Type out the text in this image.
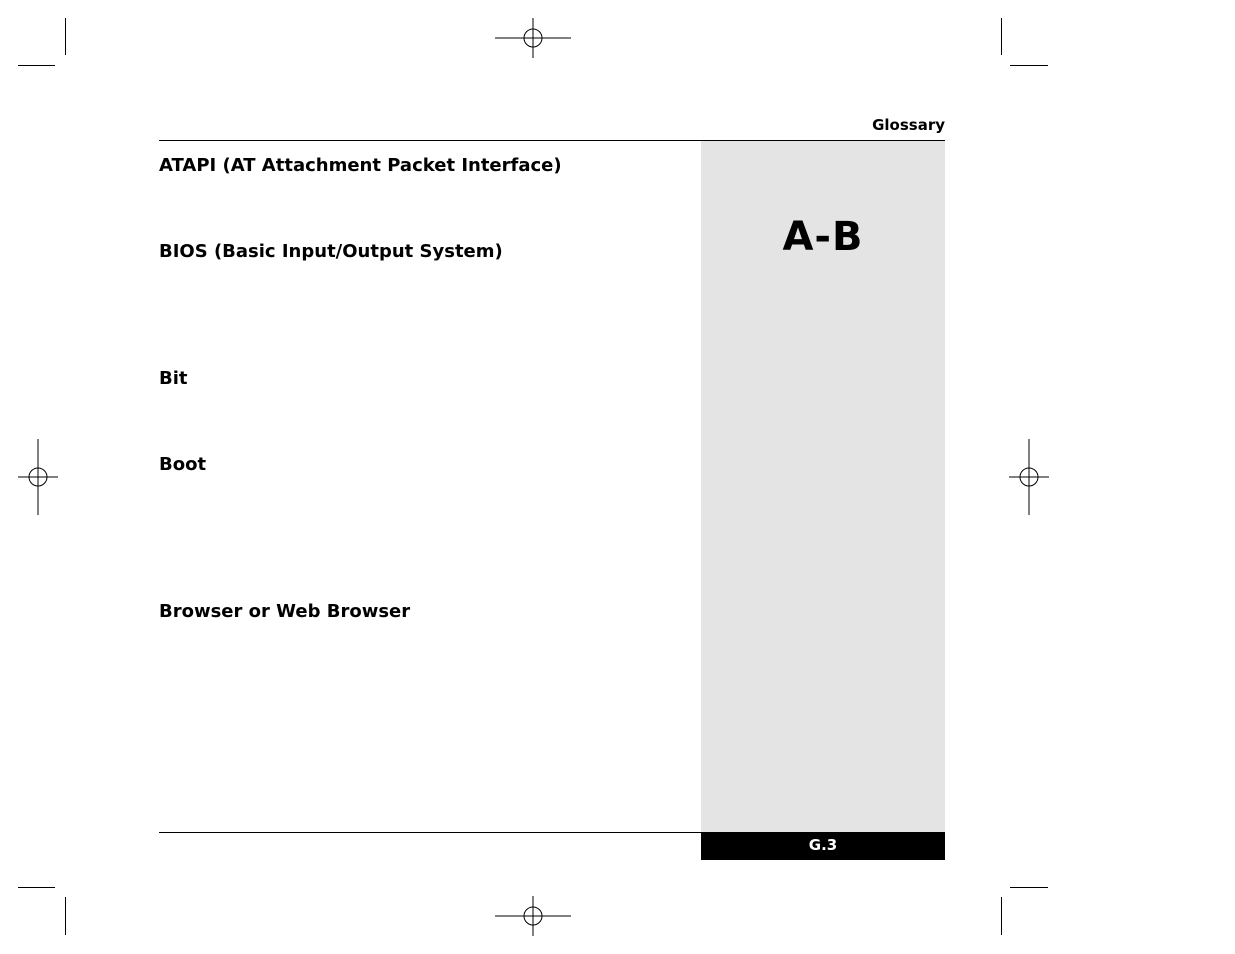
Glossary
A-B
ATAPI (AT Attachment Packet Interface)
BIOS (Basic Input/Output System)
Bit
Boot
Browser or Web Browser
G.3
